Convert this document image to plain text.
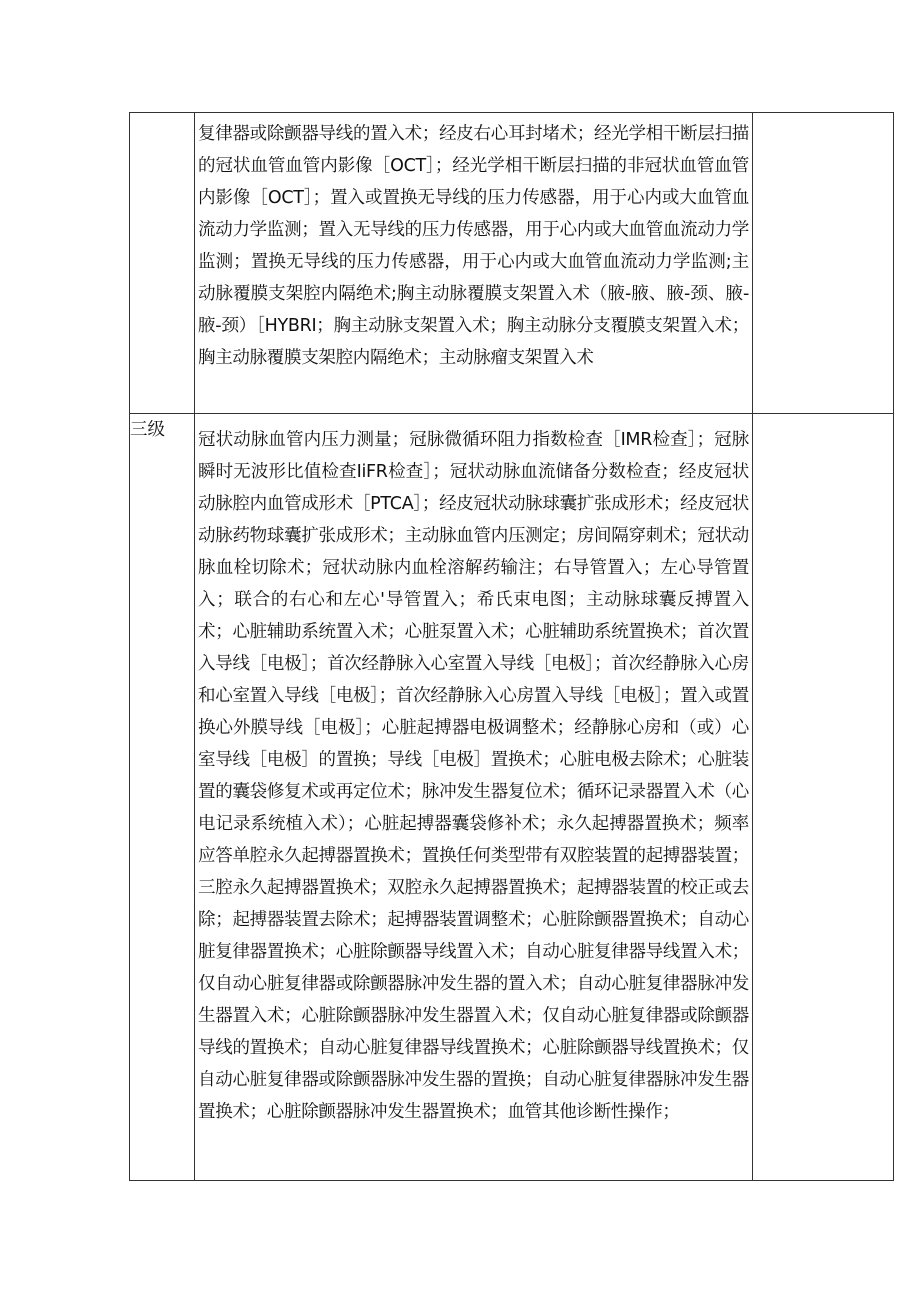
	复律器或除颤器导线的置入术；经皮右心耳封堵术；经光学相干断层扫描的冠状血管血管内影像［OCT］；经光学相干断层扫描的非冠状血管血管内影像［OCT］；置入或置换无导线的压力传感器，用于心内或大血管血流动力学监测；置入无导线的压力传感器，用于心内或大血管血流动力学监测；置换无导线的压力传感器，用于心内或大血管血流动力学监测;主动脉覆膜支架腔内隔绝术;胸主动脉覆膜支架置入术（腋-腋、腋-颈、腋-腋-颈）［HYBRI；胸主动脉支架置入术；胸主动脉分支覆膜支架置入术；胸主动脉覆膜支架腔内隔绝术；主动脉瘤支架置入术	

三级	冠状动脉血管内压力测量；冠脉微循环阻力指数检查［IMR检查］；冠脉瞬时无波形比值检查IiFR检查］；冠状动脉血流储备分数检查；经皮冠状动脉腔内血管成形术［PTCA］；经皮冠状动脉球囊扩张成形术；经皮冠状动脉药物球囊扩张成形术；主动脉血管内压测定；房间隔穿刺术；冠状动脉血栓切除术；冠状动脉内血栓溶解药输注；右导管置入；左心导管置入；联合的右心和左心'导管置入；希氏束电图；主动脉球囊反搏置入术；心脏辅助系统置入术；心脏泵置入术；心脏辅助系统置换术；首次置入导线［电极］；首次经静脉入心室置入导线［电极］；首次经静脉入心房和心室置入导线［电极］；首次经静脉入心房置入导线［电极］；置入或置换心外膜导线［电极］；心脏起搏器电极调整术；经静脉心房和（或）心室导线［电极］的置换；导线［电极］置换术；心脏电极去除术；心脏装置的囊袋修复术或再定位术；脉冲发生器复位术；循环记录器置入术（心电记录系统植入术）；心脏起搏器囊袋修补术；永久起搏器置换术；频率应答单腔永久起搏器置换术；置换任何类型带有双腔装置的起搏器装置；三腔永久起搏器置换术；双腔永久起搏器置换术；起搏器装置的校正或去除；起搏器装置去除术；起搏器装置调整术；心脏除颤器置换术；自动心脏复律器置换术；心脏除颤器导线置入术；自动心脏复律器导线置入术；仅自动心脏复律器或除颤器脉冲发生器的置入术；自动心脏复律器脉冲发生器置入术；心脏除颤器脉冲发生器置入术；仅自动心脏复律器或除颤器导线的置换术；自动心脏复律器导线置换术；心脏除颤器导线置换术；仅自动心脏复律器或除颤器脉冲发生器的置换；自动心脏复律器脉冲发生器置换术；心脏除颤器脉冲发生器置换术；血管其他诊断性操作；	
